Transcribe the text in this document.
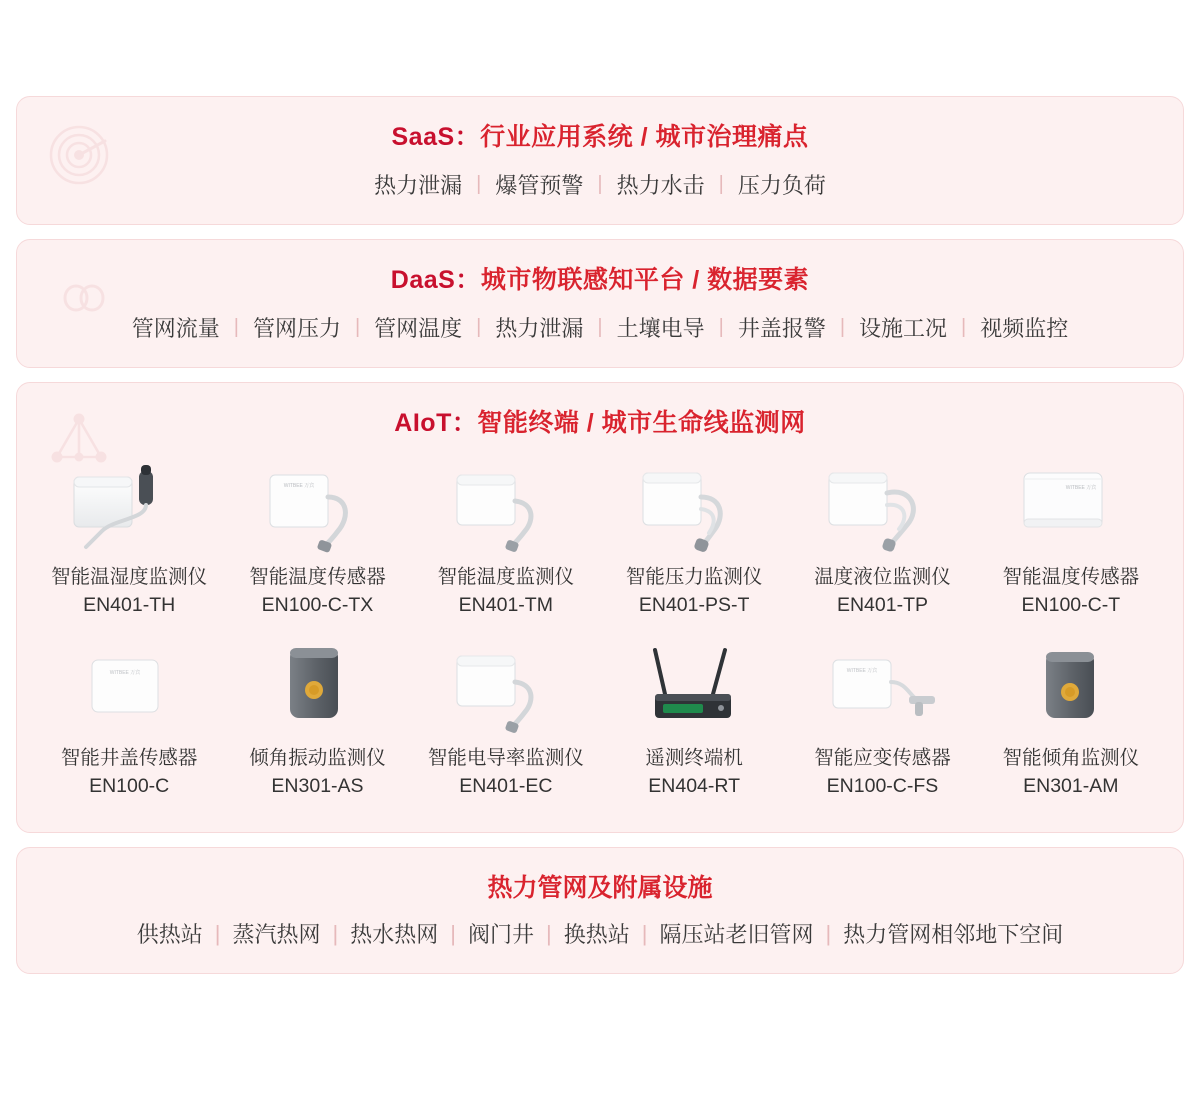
SaaS：行业应用系统 / 城市治理痛点
热力泄漏 | 爆管预警 | 热力水击 | 压力负荷
DaaS：城市物联感知平台 / 数据要素
管网流量 | 管网压力 | 管网温度 | 热力泄漏 | 土壤电导 | 井盖报警 | 设施工况 | 视频监控
AIoT：智能终端 / 城市生命线监测网
智能温湿度监测仪
EN401-TH
WITBEE 万宾
智能温度传感器
EN100-C-TX
智能温度监测仪
EN401-TM
智能压力监测仪
EN401-PS-T
温度液位监测仪
EN401-TP
WITBEE 万宾
智能温度传感器
EN100-C-T
WITBEE 万宾
智能井盖传感器
EN100-C
倾角振动监测仪
EN301-AS
智能电导率监测仪
EN401-EC
遥测终端机
EN404-RT
WITBEE 万宾
智能应变传感器
EN100-C-FS
智能倾角监测仪
EN301-AM
热力管网及附属设施
供热站 | 蒸汽热网 | 热水热网 | 阀门井 | 换热站 | 隔压站老旧管网 | 热力管网相邻地下空间
